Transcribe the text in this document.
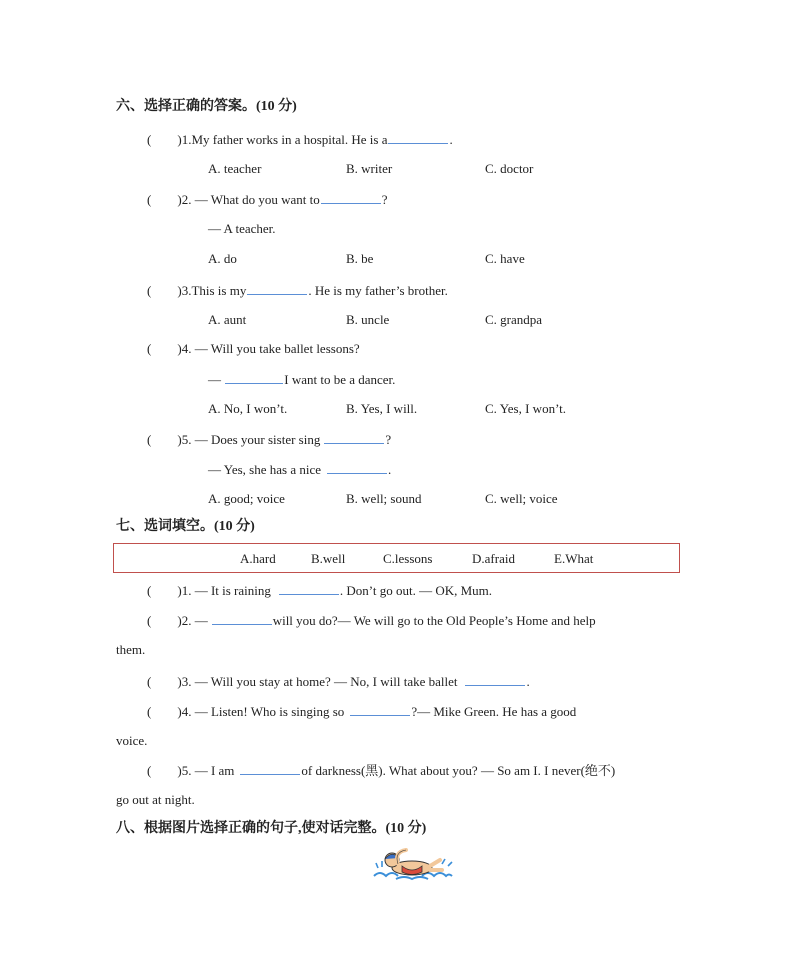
六、选择正确的答案。(10 分)
( )1.My father works in a hospital. He is a	.
A. teacher	B. writer	C. doctor
( )2. — What do you want to	?
— A teacher.
A. do	B. be	C. have
( )3.This is my	. He is my father’s brother.
A. aunt	B. uncle	C. grandpa
( )4. — Will you take ballet lessons?
—	I want to be a dancer.
A. No, I won’t.	B. Yes, I will.	C. Yes, I won’t.
( )5. — Does your sister sing	?
— Yes, she has a nice	.
A. good; voice	B. well; sound	C. well; voice
七、选词填空。(10 分)
A.hard	B.well	C.lessons	D.afraid	E.What
( )1. — It is raining	. Don’t go out. — OK, Mum.
( )2. —	will you do?— We will go to the Old People’s Home and help
them.
( )3. — Will you stay at home? — No, I will take ballet	.
( )4. — Listen! Who is singing so	?— Mike Green. He has a good
voice.
( )5. — I am	of darkness(黑). What about you? — So am I. I never(绝不)
go out at night.
八、根据图片选择正确的句子,使对话完整。(10 分)
